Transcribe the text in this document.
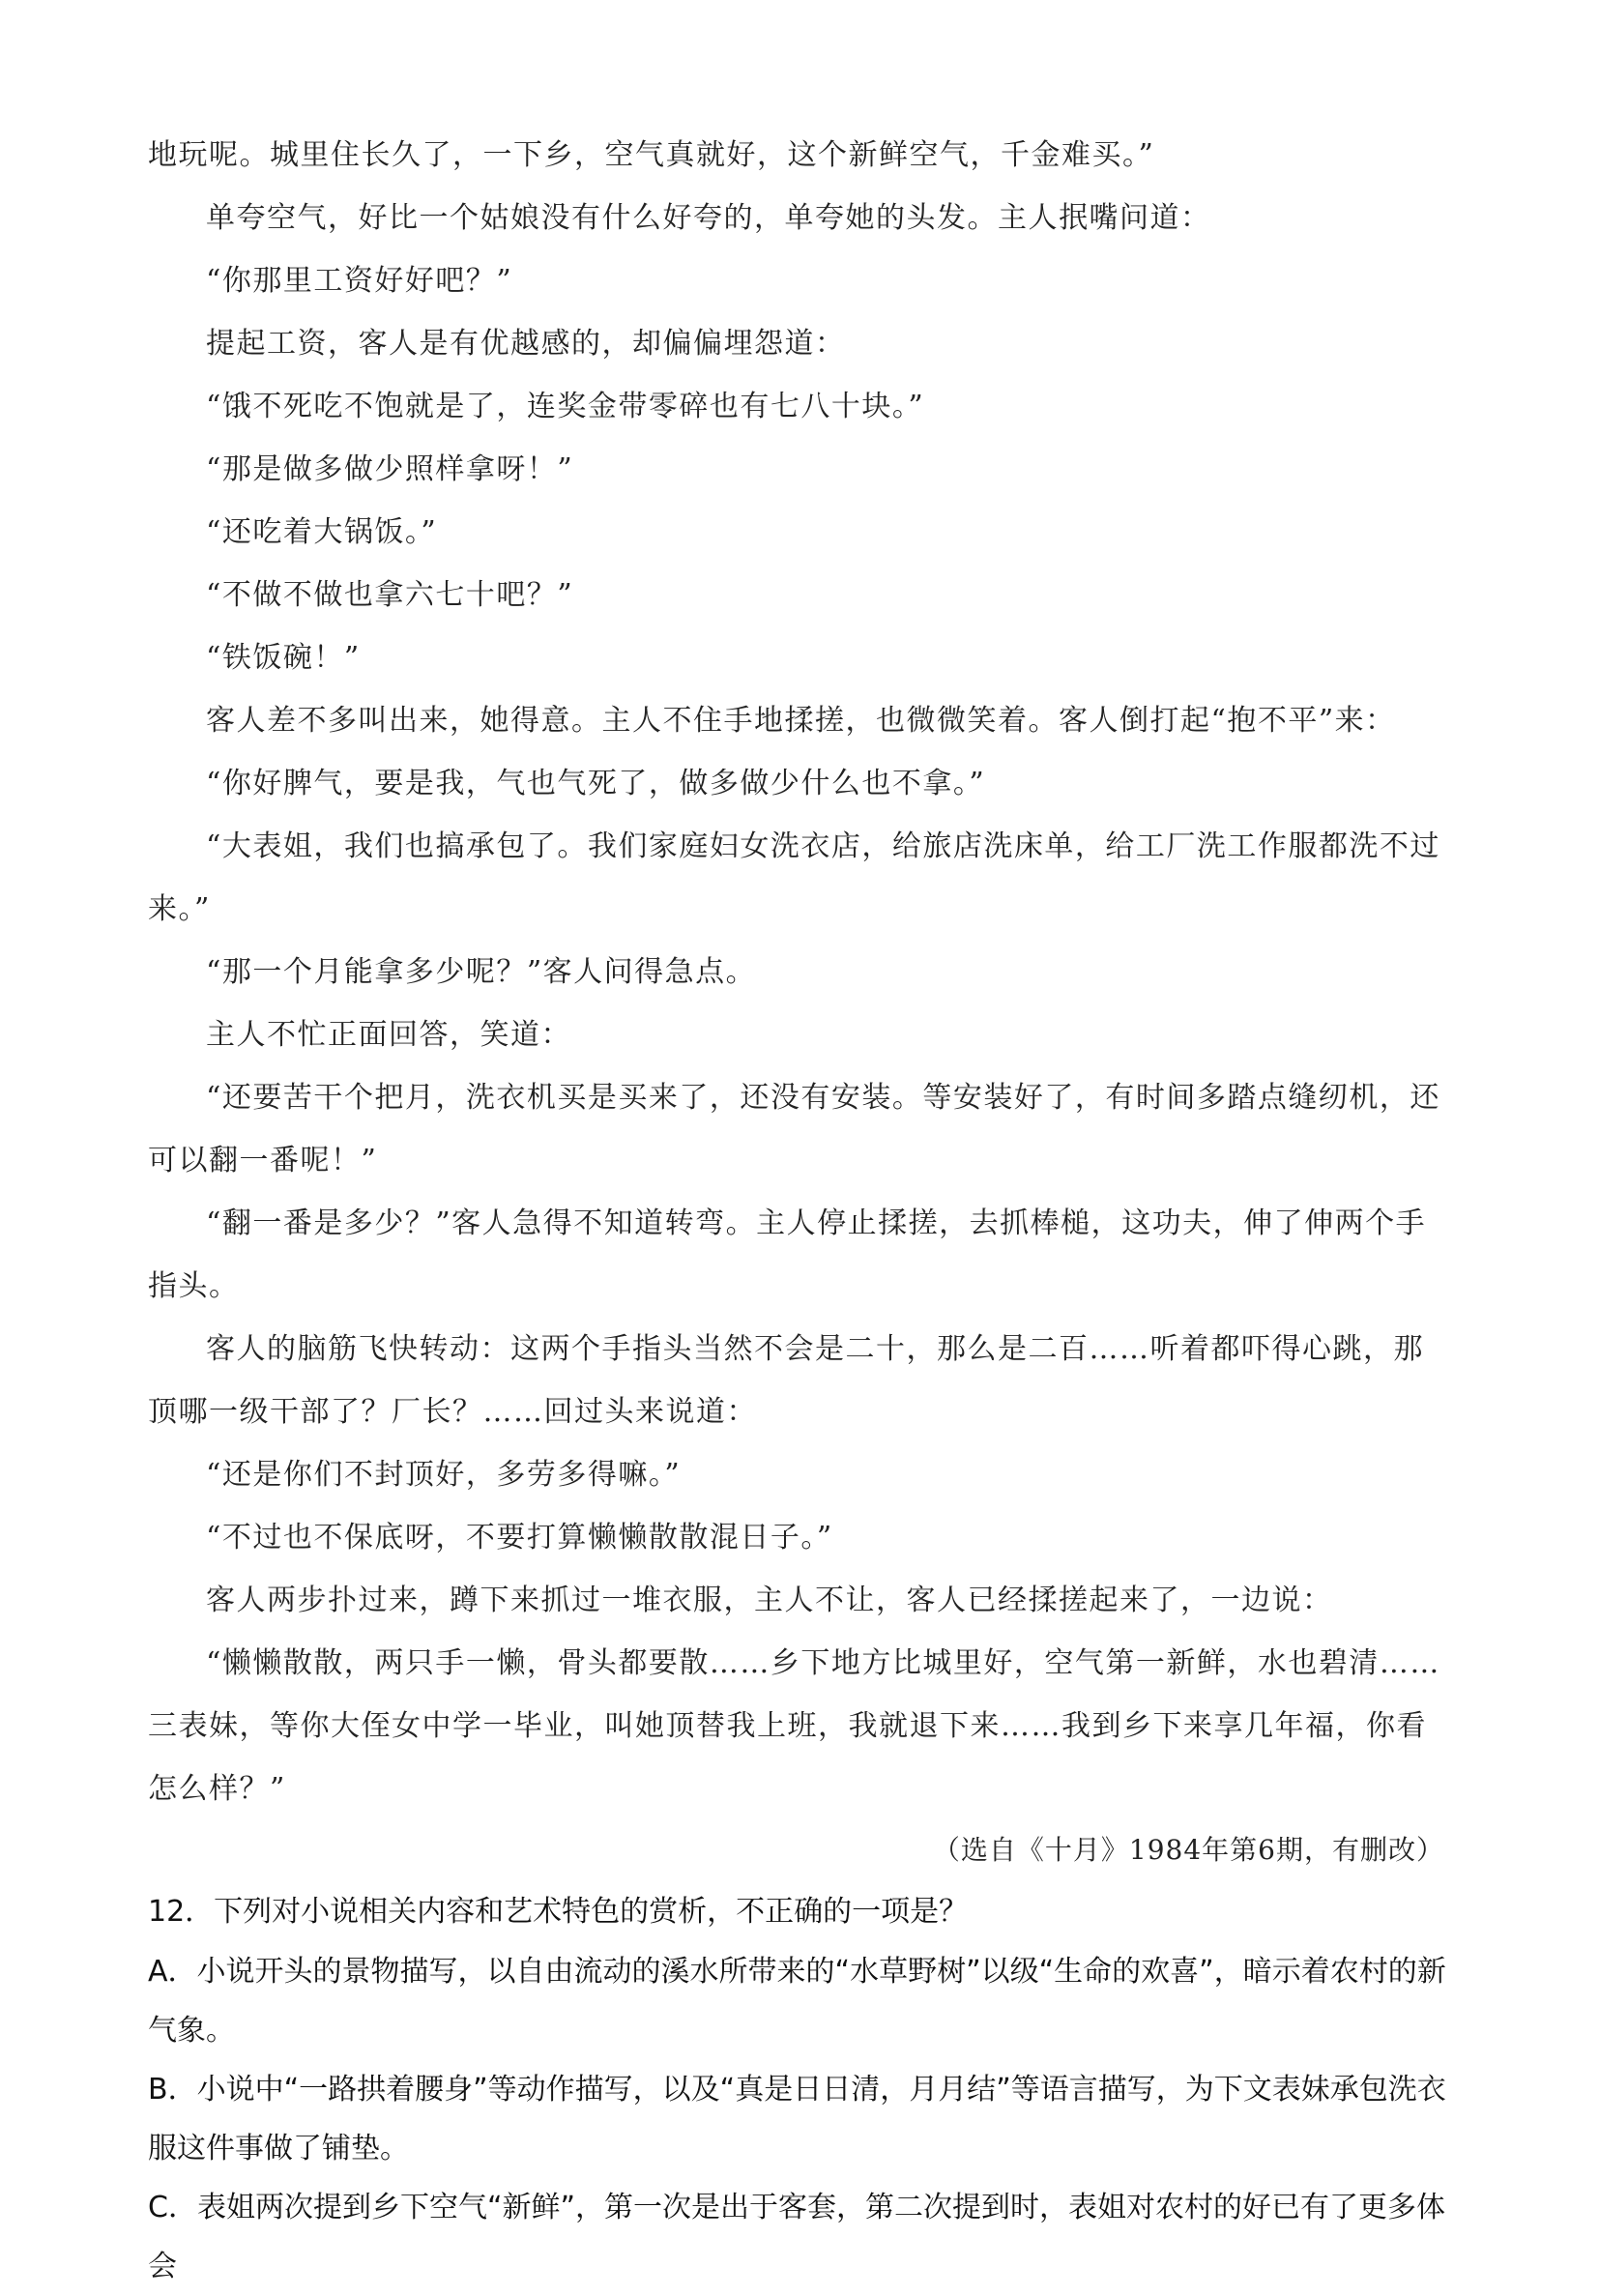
地玩呢。城里住长久了，一下乡，空气真就好，这个新鲜空气，千金难买。”

单夸空气，好比一个姑娘没有什么好夸的，单夸她的头发。主人抿嘴问道：

“你那里工资好好吧？”

提起工资，客人是有优越感的，却偏偏埋怨道：

“饿不死吃不饱就是了，连奖金带零碎也有七八十块。”

“那是做多做少照样拿呀！”

“还吃着大锅饭。”

“不做不做也拿六七十吧？”

“铁饭碗！”

客人差不多叫出来，她得意。主人不住手地揉搓，也微微笑着。客人倒打起“抱不平”来：

“你好脾气，要是我，气也气死了，做多做少什么也不拿。”

“大表姐，我们也搞承包了。我们家庭妇女洗衣店，给旅店洗床单，给工厂洗工作服都洗不过来。”

“那一个月能拿多少呢？”客人问得急点。

主人不忙正面回答，笑道：

“还要苦干个把月，洗衣机买是买来了，还没有安装。等安装好了，有时间多踏点缝纫机，还可以翻一番呢！”

“翻一番是多少？”客人急得不知道转弯。主人停止揉搓，去抓棒槌，这功夫，伸了伸两个手指头。

客人的脑筋飞快转动：这两个手指头当然不会是二十，那么是二百……听着都吓得心跳，那顶哪一级干部了？厂长？……回过头来说道：

“还是你们不封顶好，多劳多得嘛。”

“不过也不保底呀，不要打算懒懒散散混日子。”

客人两步扑过来，蹲下来抓过一堆衣服，主人不让，客人已经揉搓起来了，一边说：

“懒懒散散，两只手一懒，骨头都要散……乡下地方比城里好，空气第一新鲜，水也碧清……三表妹，等你大侄女中学一毕业，叫她顶替我上班，我就退下来……我到乡下来享几年福，你看怎么样？”

（选自《十月》1984年第6期，有删改）

12．下列对小说相关内容和艺术特色的赏析，不正确的一项是？

A．小说开头的景物描写，以自由流动的溪水所带来的“水草野树”以级“生命的欢喜”，暗示着农村的新气象。

B．小说中“一路拱着腰身”等动作描写，以及“真是日日清，月月结”等语言描写，为下文表妹承包洗衣服这件事做了铺垫。

C．表姐两次提到乡下空气“新鲜”，第一次是出于客套，第二次提到时，表姐对农村的好已有了更多体会
